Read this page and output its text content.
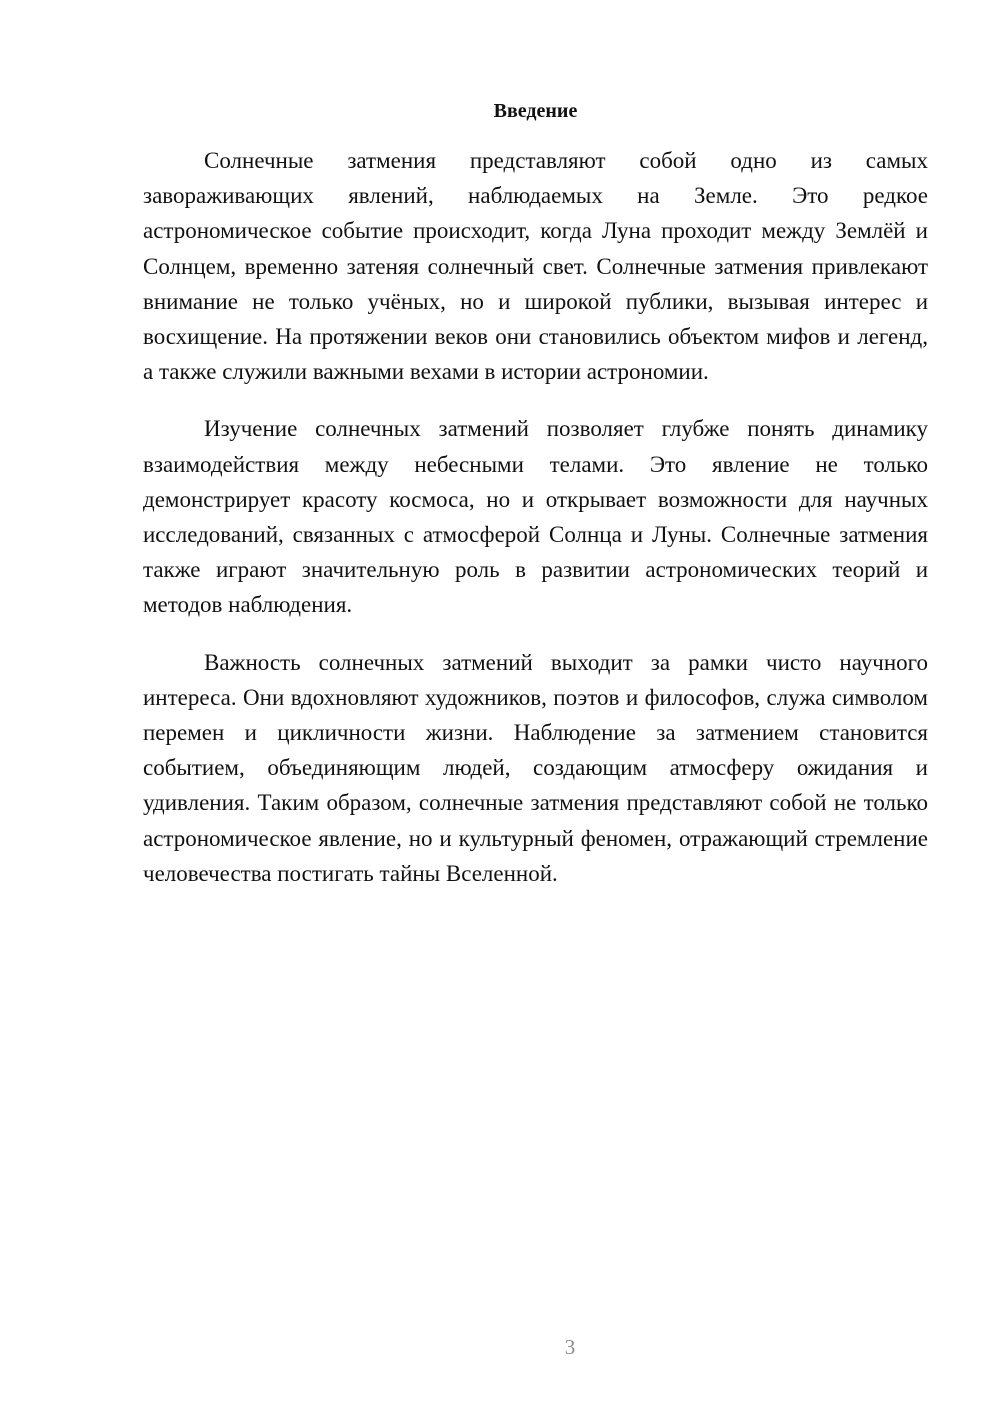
Введение

Солнечные затмения представляют собой одно из самых завораживающих явлений, наблюдаемых на Земле. Это редкое астрономическое событие происходит, когда Луна проходит между Землёй и Солнцем, временно затеняя солнечный свет. Солнечные затмения привлекают внимание не только учёных, но и широкой публики, вызывая интерес и восхищение. На протяжении веков они становились объектом мифов и легенд, а также служили важными вехами в истории астрономии.

Изучение солнечных затмений позволяет глубже понять динамику взаимодействия между небесными телами. Это явление не только демонстрирует красоту космоса, но и открывает возможности для научных исследований, связанных с атмосферой Солнца и Луны. Солнечные затмения также играют значительную роль в развитии астрономических теорий и методов наблюдения.

Важность солнечных затмений выходит за рамки чисто научного интереса. Они вдохновляют художников, поэтов и философов, служа символом перемен и цикличности жизни. Наблюдение за затмением становится событием, объединяющим людей, создающим атмосферу ожидания и удивления. Таким образом, солнечные затмения представляют собой не только астрономическое явление, но и культурный феномен, отражающий стремление человечества постигать тайны Вселенной.

3
